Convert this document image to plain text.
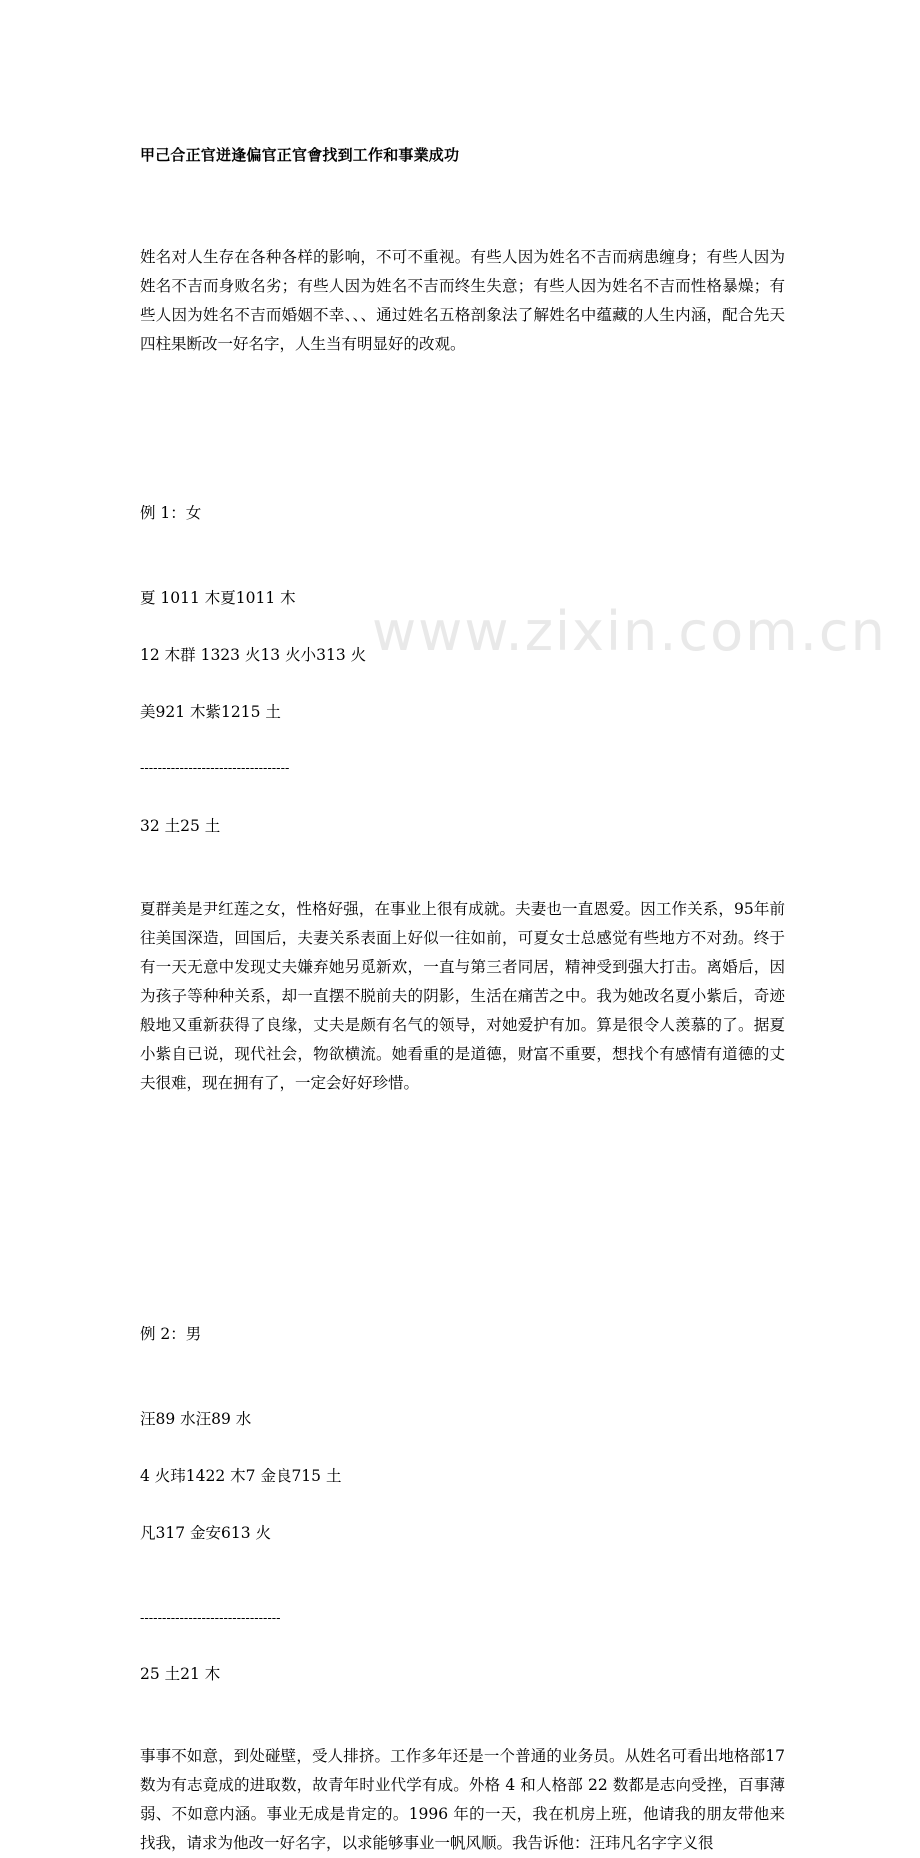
www.zixin.com.cn
甲己合正官迸逢偏官正官會找到工作和事業成功
姓名对人生存在各种各样的影响，不可不重视。有些人因为姓名不吉而病患缠身；有些人因为姓名不吉而身败名劣；有些人因为姓名不吉而终生失意；有些人因为姓名不吉而性格暴燥；有些人因为姓名不吉而婚姻不幸、、、通过姓名五格剖象法了解姓名中蕴藏的人生内涵，配合先天四柱果断改一好名字，人生当有明显好的改观。
例 1：女
夏 1011 木夏1011 木
12 木群 1323 火13 火小313 火
美921 木紫1215 土
----------------------------------
32 土25 土
夏群美是尹红莲之女，性格好强，在事业上很有成就。夫妻也一直恩爱。因工作关系，95年前往美国深造，回国后，夫妻关系表面上好似一往如前，可夏女士总感觉有些地方不对劲。终于有一天无意中发现丈夫嫌弃她另觅新欢，一直与第三者同居，精神受到强大打击。离婚后，因为孩子等种种关系，却一直摆不脱前夫的阴影，生活在痛苦之中。我为她改名夏小紫后，奇迹般地又重新获得了良缘，丈夫是颇有名气的领导，对她爱护有加。算是很令人羡慕的了。据夏小紫自已说，现代社会，物欲横流。她看重的是道德，财富不重要，想找个有感情有道德的丈夫很难，现在拥有了，一定会好好珍惜。
例 2：男
汪89 水汪89 水
4 火玮1422 木7 金良715 土
凡317 金安613 火
--------------------------------
25 土21 木
事事不如意，到处碰壁，受人排挤。工作多年还是一个普通的业务员。从姓名可看出地格部17 数为有志竟成的进取数，故青年时业代学有成。外格 4 和人格部 22 数都是志向受挫，百事薄弱、不如意内涵。事业无成是肯定的。1996 年的一天，我在机房上班，他请我的朋友带他来找我，请求为他改一好名字，以求能够事业一帆风顺。我告诉他：汪玮凡名字字义很
